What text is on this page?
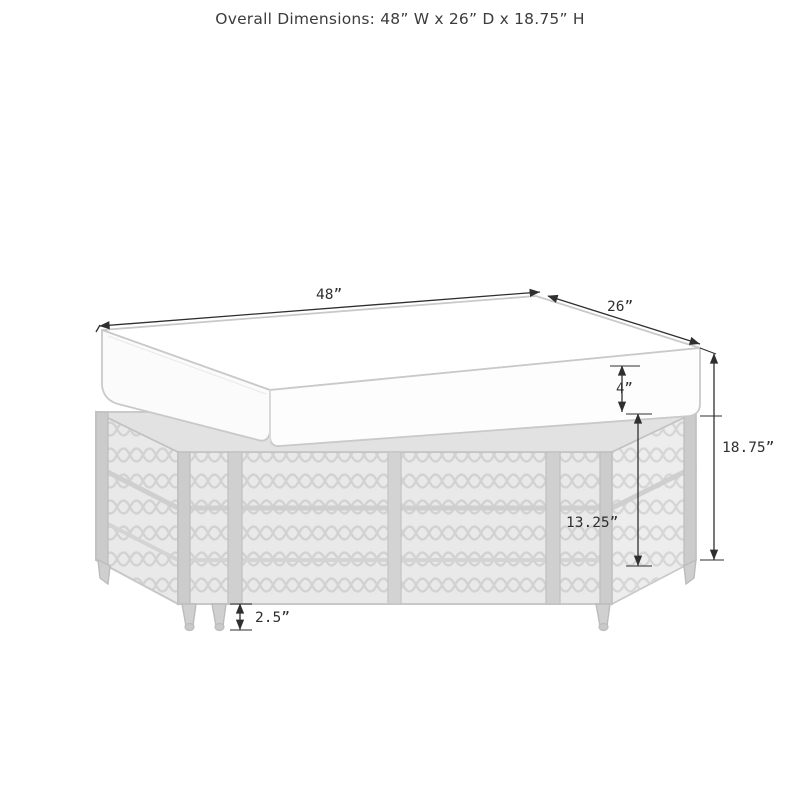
Overall Dimensions: 48” W x 26” D x 18.75” H
48”
26”
4”
18.75”
13.25”
2.5”
